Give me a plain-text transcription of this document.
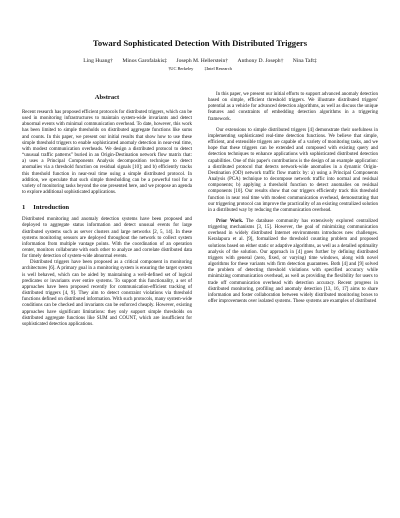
Toward Sophisticated Detection With Distributed Triggers
Ling Huang† Minos Garofalakis‡ Joseph M. Hellerstein† Anthony D. Joseph† Nina Taft‡
†UC Berkeley	‡Intel Research
Abstract

Recent research has proposed efficient protocols for distributed triggers, which can be used in monitoring infrastructures to maintain system-wide invariants and detect abnormal events with minimal communication overhead. To date, however, this work has been limited to simple thresholds on distributed aggregate functions like sums and counts. In this paper, we present our initial results that show how to use these simple threshold triggers to enable sophisticated anomaly detection in near-real time, with modest communication overheads. We design a distributed protocol to detect “unusual traffic patterns” buried in an Origin-Destination network flow matrix that: a) uses a Principal Components Analysis decomposition technique to detect anomalies via a threshold function on residual signals [10]; and b) efficiently tracks this threshold function in near-real time using a simple distributed protocol. In addition, we speculate that such simple thresholding can be a powerful tool for a variety of monitoring tasks beyond the one presented here, and we propose an agenda to explore additional sophisticated applications.

1 Introduction

Distributed monitoring and anomaly detection systems have been proposed and deployed to aggregate status information and detect unusual events for large distributed systems such as server clusters and large networks [2, 5, 14]. In these systems monitoring sensors are deployed throughout the network to collect system information from multiple vantage points. With the coordination of an operation center, monitors collaborate with each other to analyze and correlate distributed data for timely detection of system-wide abnormal events.

Distributed triggers have been proposed as a critical component in monitoring architectures [6]. A primary goal in a monitoring system is ensuring the target system is well behaved, which can be aided by maintaining a well-defined set of logical predicates or invariants over entire systems. To support this functionality, a set of approaches have been proposed recently for communication-efficient tracking of distributed triggers [4, 9]. They aim to detect constraint violations via threshold functions defined on distributed information. With such protocols, many system-wide conditions can be checked and invariants can be enforced cheaply. However, existing approaches have significant limitations: they only support simple thresholds on distributed aggregate functions like SUM and COUNT, which are insufficient for sophisticated detection applications.

In this paper, we present our initial efforts to support advanced anomaly detection based on simple, efficient threshold triggers. We illustrate distributed triggers' potential as a vehicle for advanced detection algorithms, as well as discuss the unique features and constraints of embedding detection algorithms in a triggering framework.

Our extensions to simple distributed triggers [4] demonstrate their usefulness in implementing sophisticated real-time detection functions. We believe that simple, efficient, and extensible triggers are capable of a variety of monitoring tasks, and we hope that these triggers can be extended and composed with existing query and detection techniques to enhance applications with sophisticated distributed detection capabilities. One of this paper's contributions is the design of an example application: a distributed protocol that detects network-wide anomalies in a dynamic Origin-Destination (OD) network traffic flow matrix by: a) using a Principal Components Analysis (PCA) technique to decompose network traffic into normal and residual components; b) applying a threshold function to detect anomalies on residual components [10]. Our results show that our triggers efficiently track this threshold function in near real time with modest communication overhead, demonstrating that our triggering protocol can improve the practicality of an existing centralized solution in a distributed way by reducing the communication overhead.

Prior Work. The database community has extensively explored centralized triggering mechanisms [3, 15]. However, the goal of minimizing communication overhead in widely distributed Internet environments introduces new challenges. Keralapura et al. [9], formalized the threshold counting problem and proposed solutions based on either static or adaptive algorithms, as well as a detailed optimality analysis of the solution. Our approach in [4] goes further by defining distributed triggers with general (zero, fixed, or varying) time windows, along with novel algorithms for these variants with firm detection guarantees. Both [4] and [9] solved the problem of detecting threshold violations with specified accuracy while minimizing communication overhead, as well as providing the flexibility for users to trade off communication overhead with detection accuracy. Recent progress in distributed monitoring, profiling and anomaly detection [13, 16, 17] aims to share information and foster collaboration between widely distributed monitoring boxes to offer improvements over isolated systems. These systems are examples of distributed
